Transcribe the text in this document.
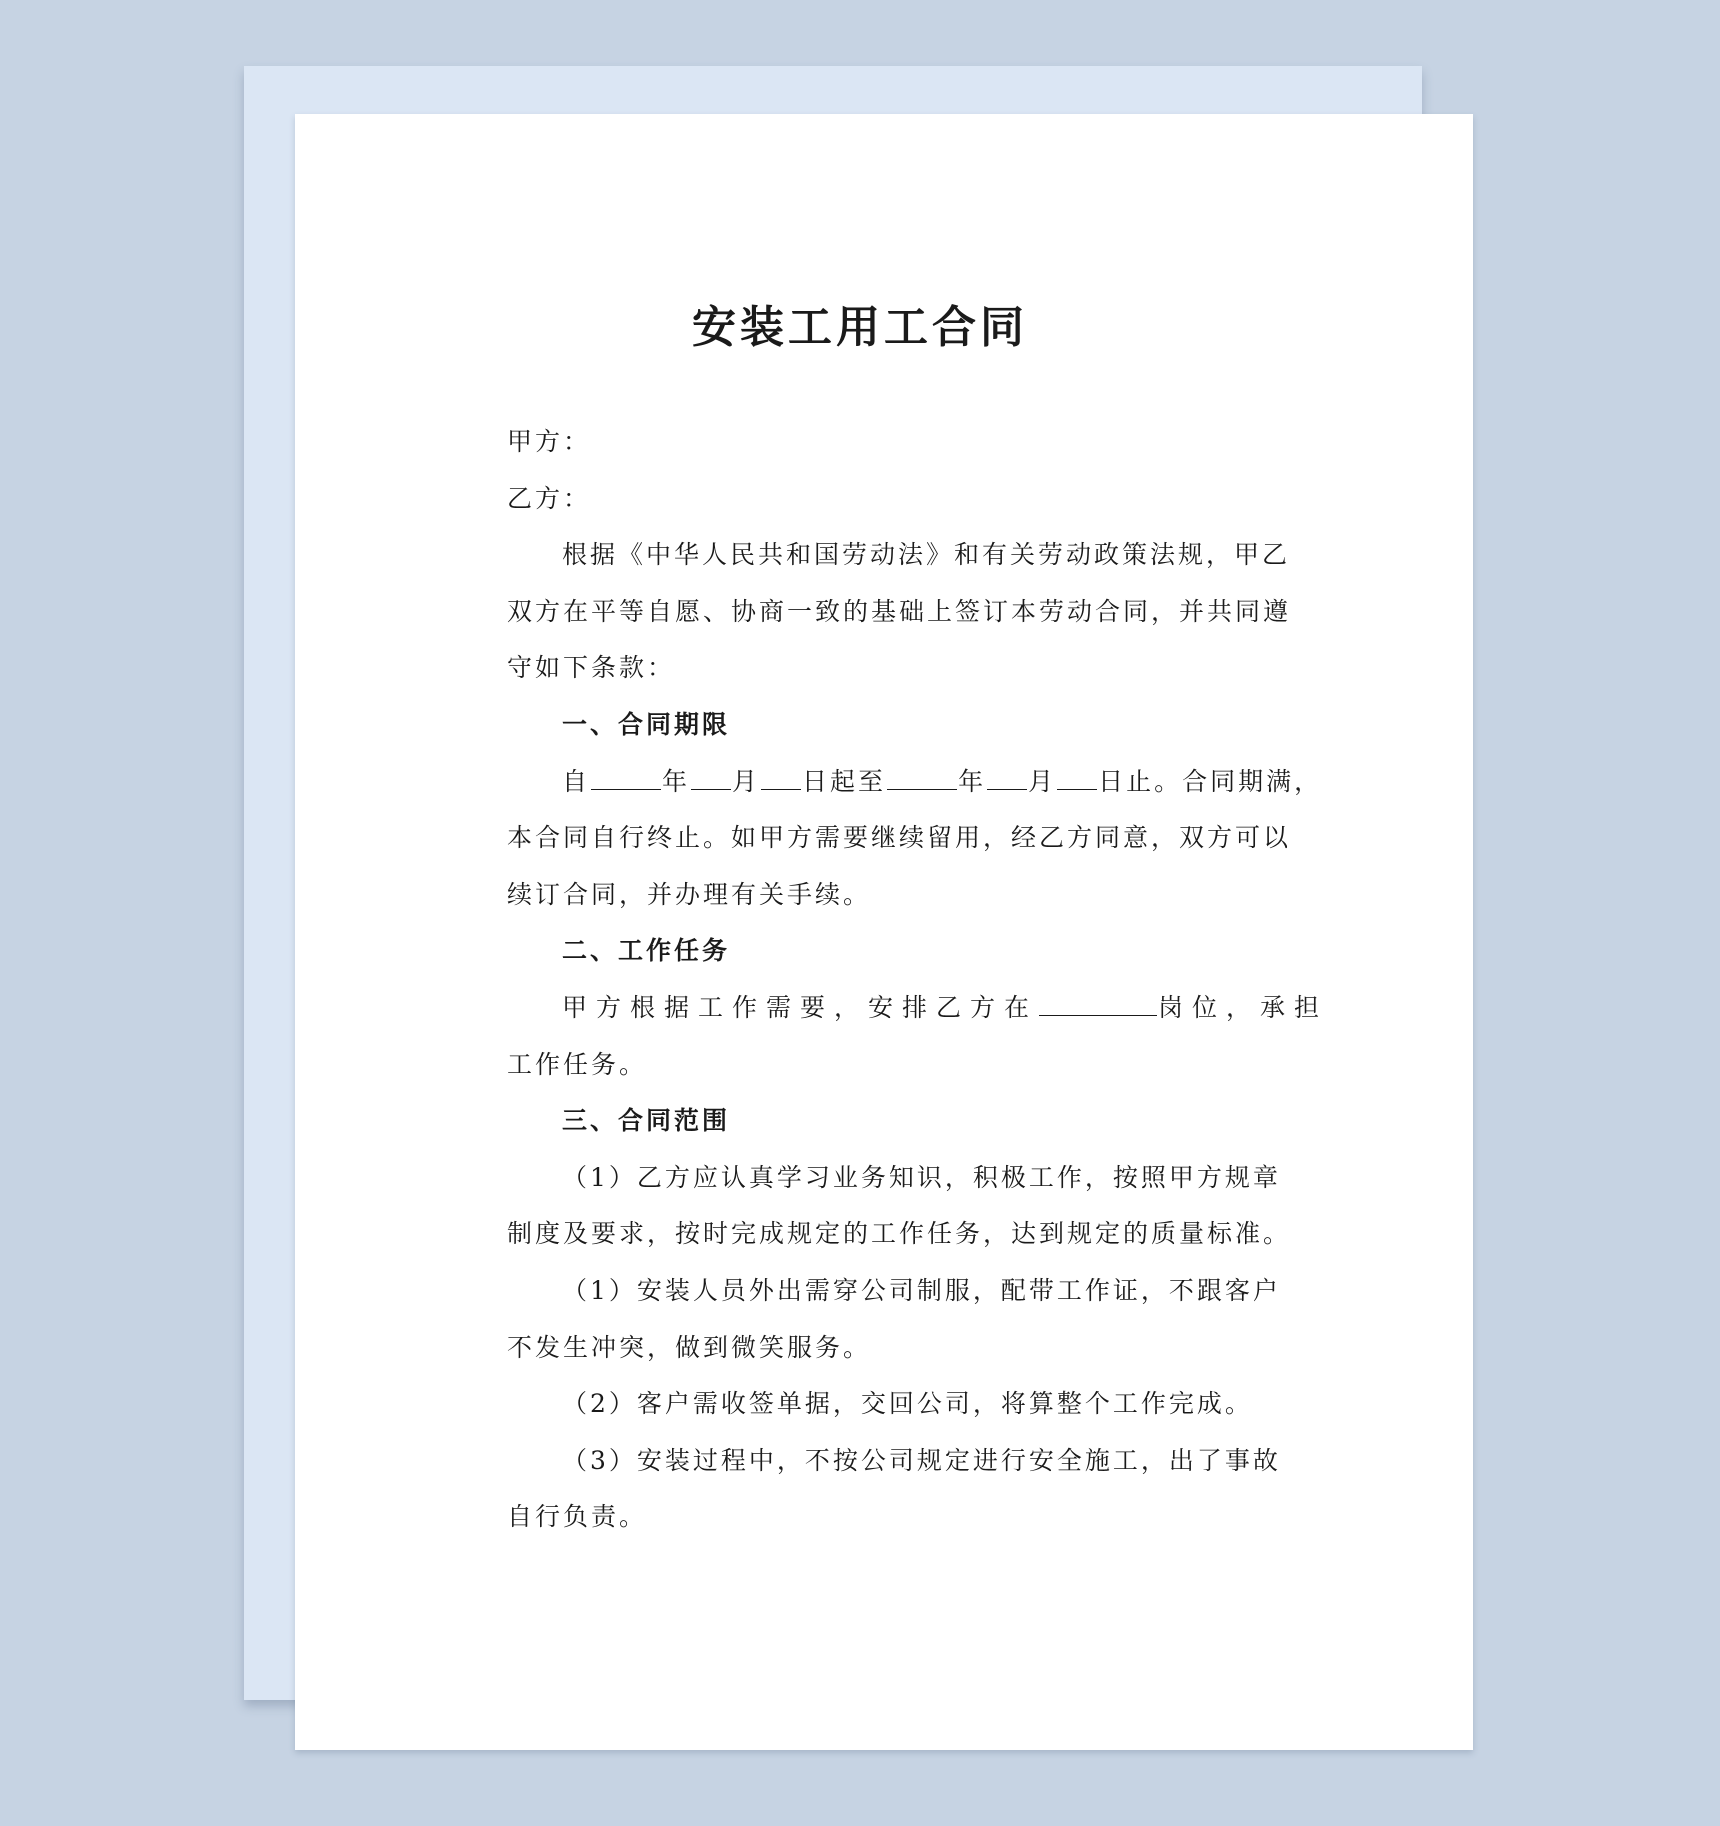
安装工用工合同
甲方：
乙方：
根据《中华人民共和国劳动法》和有关劳动政策法规，甲乙
双方在平等自愿、协商一致的基础上签订本劳动合同，并共同遵
守如下条款：
一、合同期限
自	年 月 日起至	年 月 日止。合同期满，
本合同自行终止。如甲方需要继续留用，经乙方同意，双方可以
续订合同，并办理有关手续。
二、工作任务
甲方根据工作需要，安排乙方在	岗位，承担
工作任务。
三、合同范围
（1）乙方应认真学习业务知识，积极工作，按照甲方规章
制度及要求，按时完成规定的工作任务，达到规定的质量标准。
（1）安装人员外出需穿公司制服，配带工作证，不跟客户
不发生冲突，做到微笑服务。
（2）客户需收签单据，交回公司，将算整个工作完成。
（3）安装过程中，不按公司规定进行安全施工，出了事故
自行负责。
